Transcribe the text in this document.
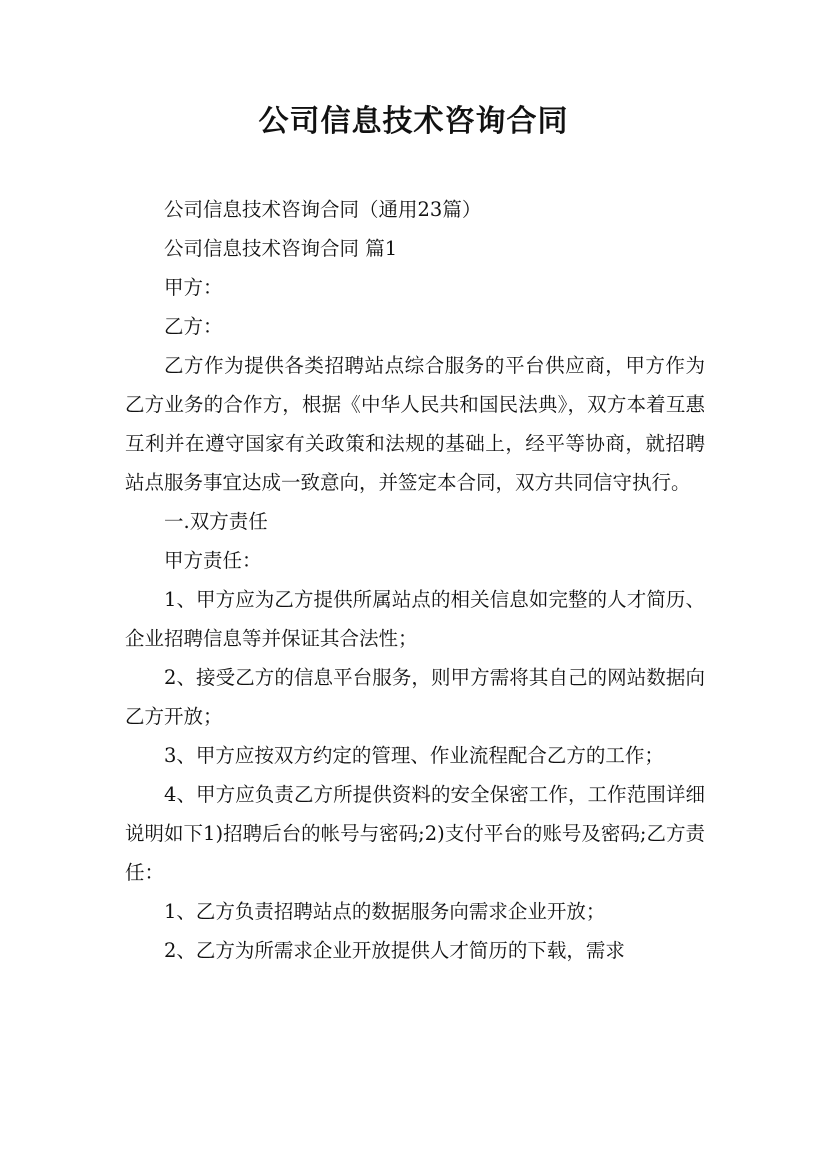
公司信息技术咨询合同

公司信息技术咨询合同（通用23篇）

公司信息技术咨询合同 篇1

甲方：

乙方：

乙方作为提供各类招聘站点综合服务的平台供应商，甲方作为乙方业务的合作方，根据《中华人民共和国民法典》，双方本着互惠互利并在遵守国家有关政策和法规的基础上，经平等协商，就招聘站点服务事宜达成一致意向，并签定本合同，双方共同信守执行。

一.双方责任

甲方责任：

1、甲方应为乙方提供所属站点的相关信息如完整的人才简历、企业招聘信息等并保证其合法性；

2、接受乙方的信息平台服务，则甲方需将其自己的网站数据向乙方开放；

3、甲方应按双方约定的管理、作业流程配合乙方的工作；

4、甲方应负责乙方所提供资料的安全保密工作，工作范围详细说明如下1)招聘后台的帐号与密码;2)支付平台的账号及密码;乙方责任：

1、乙方负责招聘站点的数据服务向需求企业开放；

2、乙方为所需求企业开放提供人才简历的下载，需求
